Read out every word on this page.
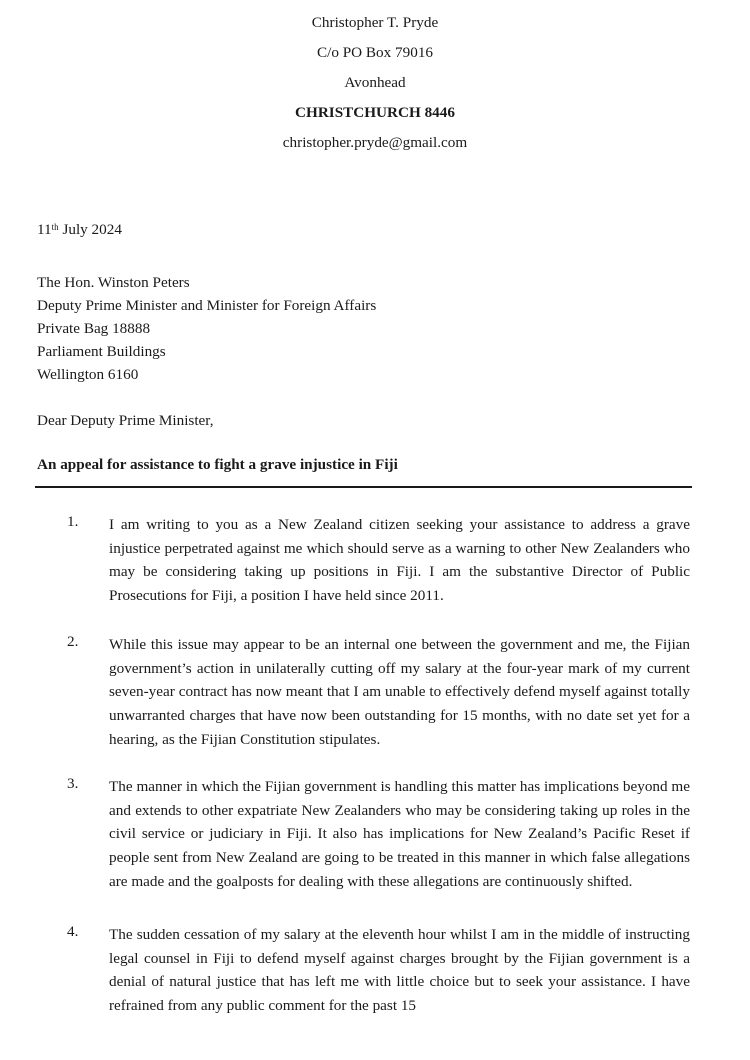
Christopher T. Pryde
C/o PO Box 79016
Avonhead
CHRISTCHURCH 8446
christopher.pryde@gmail.com
11th July 2024
The Hon. Winston Peters
Deputy Prime Minister and Minister for Foreign Affairs
Private Bag 18888
Parliament Buildings
Wellington 6160
Dear Deputy Prime Minister,
An appeal for assistance to fight a grave injustice in Fiji
1.	I am writing to you as a New Zealand citizen seeking your assistance to address a grave injustice perpetrated against me which should serve as a warning to other New Zealanders who may be considering taking up positions in Fiji. I am the substantive Director of Public Prosecutions for Fiji, a position I have held since 2011.
2.	While this issue may appear to be an internal one between the government and me, the Fijian government’s action in unilaterally cutting off my salary at the four-year mark of my current seven-year contract has now meant that I am unable to effectively defend myself against totally unwarranted charges that have now been outstanding for 15 months, with no date set yet for a hearing, as the Fijian Constitution stipulates.
3.	The manner in which the Fijian government is handling this matter has implications beyond me and extends to other expatriate New Zealanders who may be considering taking up roles in the civil service or judiciary in Fiji. It also has implications for New Zealand’s Pacific Reset if people sent from New Zealand are going to be treated in this manner in which false allegations are made and the goalposts for dealing with these allegations are continuously shifted.
4.	The sudden cessation of my salary at the eleventh hour whilst I am in the middle of instructing legal counsel in Fiji to defend myself against charges brought by the Fijian government is a denial of natural justice that has left me with little choice but to seek your assistance. I have refrained from any public comment for the past 15
